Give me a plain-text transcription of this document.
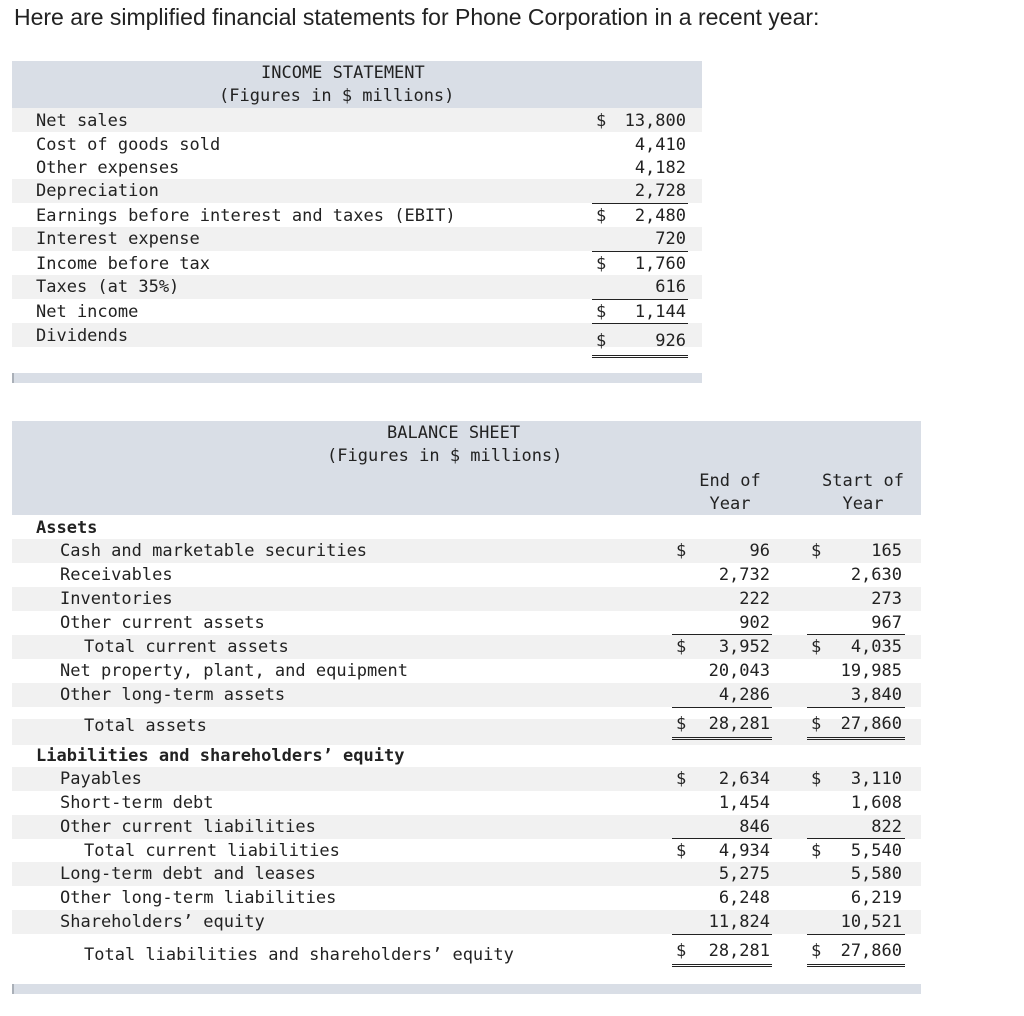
Here are simplified financial statements for Phone Corporation in a recent year:
INCOME STATEMENT
(Figures in $ millions)
Net sales	$	13,800
Cost of goods sold	4,410
Other expenses	4,182
Depreciation	2,728
Earnings before interest and taxes (EBIT)	$	2,480
Interest expense	720
Income before tax	$	1,760
Taxes (at 35%)	616
Net income	$	1,144
Dividends	$	926
BALANCE SHEET
(Figures in $ millions)
End of
Year
Start of
Year
Assets
Cash and marketable securities	$	96 $	165
Receivables	2,732	2,630
Inventories	222	273
Other current assets	902	967
Total current assets	$	3,952 $	4,035
Net property, plant, and equipment	20,043	19,985
Other long-term assets	4,286	3,840
Total assets	$	28,281 $	27,860
Liabilities and shareholders’ equity
Payables	$	2,634 $	3,110
Short-term debt	1,454	1,608
Other current liabilities	846	822
Total current liabilities	$	4,934 $	5,540
Long-term debt and leases	5,275	5,580
Other long-term liabilities	6,248	6,219
Shareholders’ equity	11,824	10,521
Total liabilities and shareholders’ equity	$	28,281 $	27,860
